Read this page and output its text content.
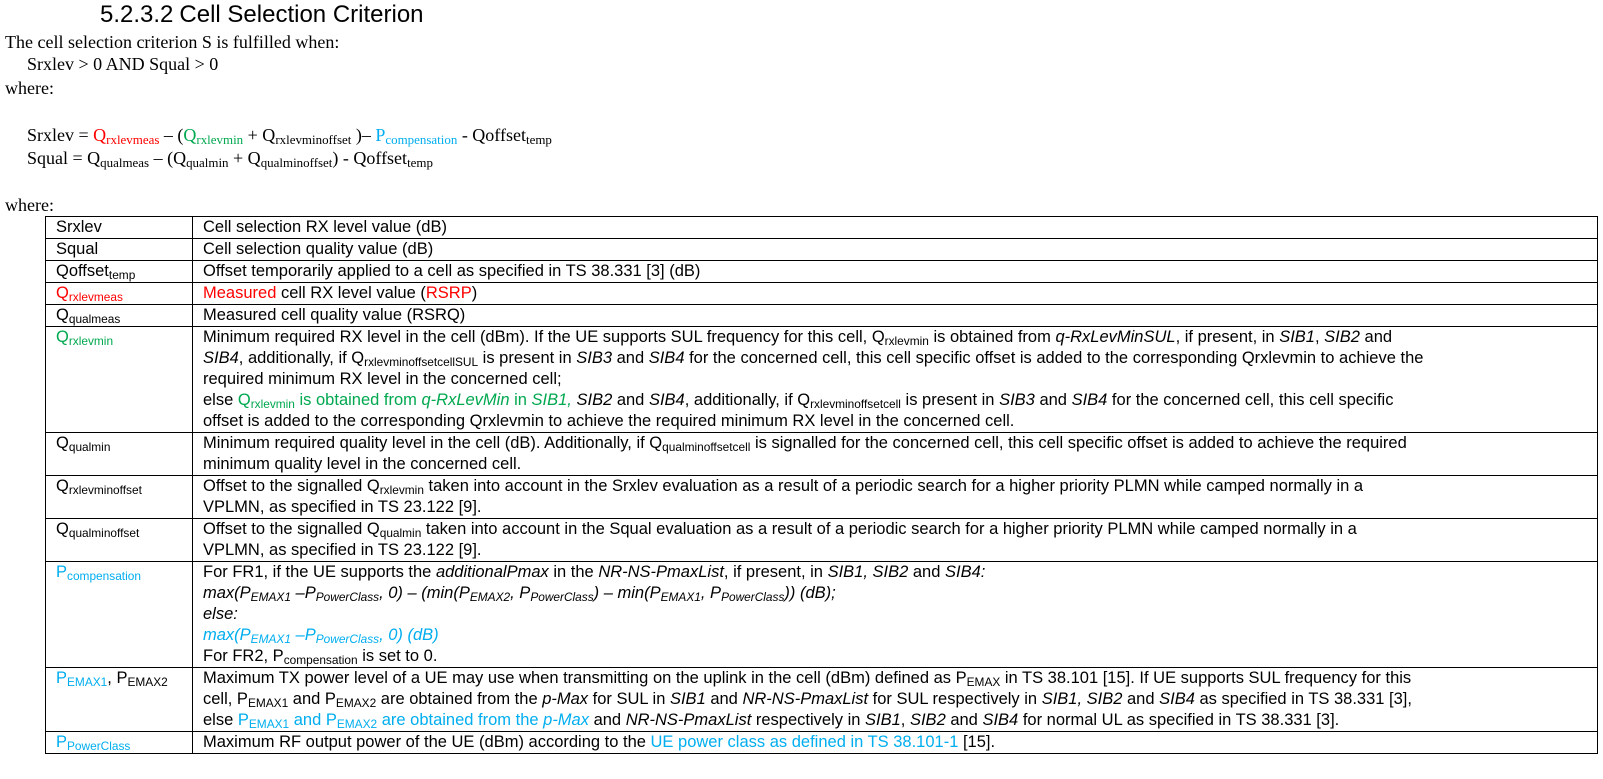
5.2.3.2 Cell Selection Criterion
The cell selection criterion S is fulfilled when:
Srxlev > 0 AND Squal > 0
where:
Srxlev = $Q_{rxlevmeas} - (Q_{rxlevmin} + Q_{rxlevminoffset}$ )– $P_{compensation}$ - Qoffset$_{temp}$
Squal = $Q_{qualmeas} - (Q_{qualmin} + Q_{qualminoffset})$ - Qoffset$_{temp}$
where:
Srxlev	Cell selection RX level value (dB)
Squal	Cell selection quality value (dB)
Qoffset$_{temp}$	Offset temporarily applied to a cell as specified in TS 38.331 [3] (dB)
$Q_{rxlevmeas}$	Measured cell RX level value (RSRP)
$Q_{qualmeas}$	Measured cell quality value (RSRQ)
$Q_{rxlevmin}$	Minimum required RX level in the cell (dBm). If the UE supports SUL frequency for this cell, $Q_{rxlevmin}$ is obtained from q-RxLevMinSUL, if present, in SIB1, SIB2 and
SIB4, additionally, if $Q_{rxlevminoffsetcellSUL}$ is present in SIB3 and SIB4 for the concerned cell, this cell specific offset is added to the corresponding Qrxlevmin to achieve the
required minimum RX level in the concerned cell;
else $Q_{rxlevmin}$ is obtained from q-RxLevMin in SIB1, SIB2 and SIB4, additionally, if $Q_{rxlevminoffsetcell}$ is present in SIB3 and SIB4 for the concerned cell, this cell specific
offset is added to the corresponding Qrxlevmin to achieve the required minimum RX level in the concerned cell.

$Q_{qualmin}$	Minimum required quality level in the cell (dB). Additionally, if $Q_{qualminoffsetcell}$ is signalled for the concerned cell, this cell specific offset is added to achieve the required
minimum quality level in the concerned cell.

$Q_{rxlevminoffset}$	Offset to the signalled $Q_{rxlevmin}$ taken into account in the Srxlev evaluation as a result of a periodic search for a higher priority PLMN while camped normally in a
VPLMN, as specified in TS 23.122 [9].

$Q_{qualminoffset}$	Offset to the signalled $Q_{qualmin}$ taken into account in the Squal evaluation as a result of a periodic search for a higher priority PLMN while camped normally in a
VPLMN, as specified in TS 23.122 [9].

$P_{compensation}$	For FR1, if the UE supports the additionalPmax in the NR-NS-PmaxList, if present, in SIB1, SIB2 and SIB4:
$\max(P_{EMAX1}$ $-P_{PowerClass}$, $0) - (\min(P_{EMAX2}$, $P_{PowerClass}) - \min(P_{EMAX1}$, $P_{PowerClass}$)) (dB);
else:
$\max(P_{EMAX1}$ $-P_{PowerClass}$, 0) (dB)
For FR2, $P_{compensation}$ is set to 0.

$P_{EMAX1}$, $P_{EMAX2}$	Maximum TX power level of a UE may use when transmitting on the uplink in the cell (dBm) defined as $P_{EMAX}$ in TS 38.101 [15]. If UE supports SUL frequency for this
cell, $P_{EMAX1}$ and $P_{EMAX2}$ are obtained from the p-Max for SUL in SIB1 and NR-NS-PmaxList for SUL respectively in SIB1, SIB2 and SIB4 as specified in TS 38.331 [3],
else $P_{EMAX1}$ and $P_{EMAX2}$ are obtained from the p-Max and NR-NS-PmaxList respectively in SIB1, SIB2 and SIB4 for normal UL as specified in TS 38.331 [3].

$P_{PowerClass}$	Maximum RF output power of the UE (dBm) according to the UE power class as defined in TS 38.101-1 [15].
